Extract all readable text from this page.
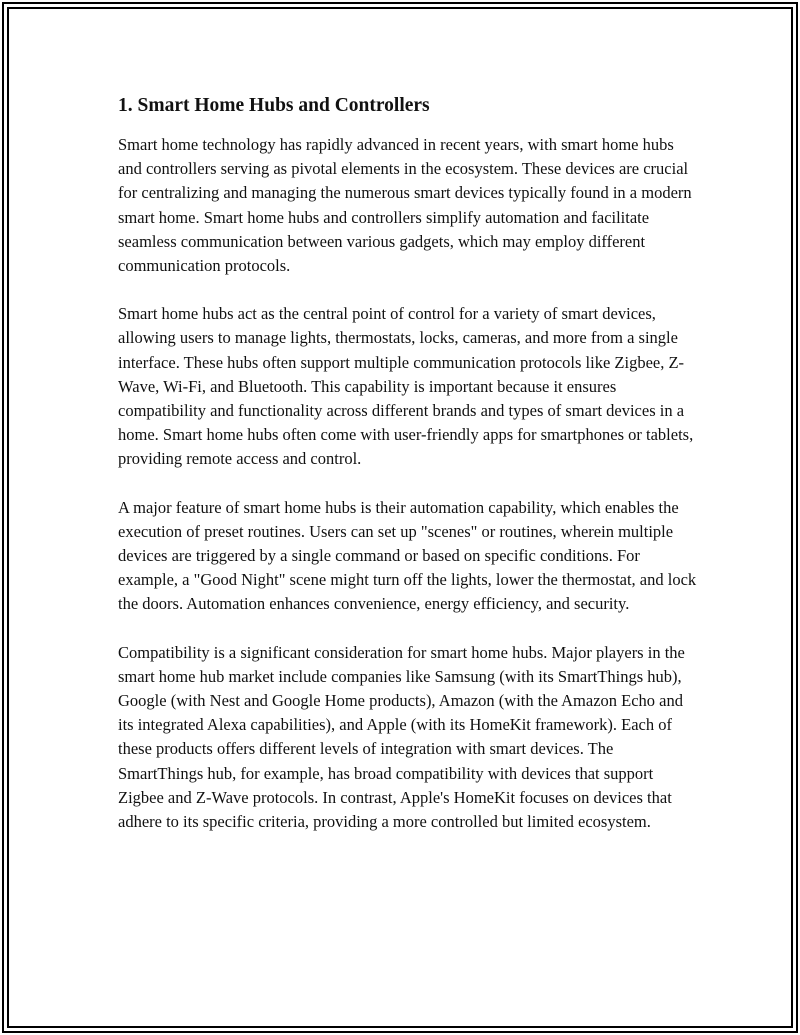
1. Smart Home Hubs and Controllers

Smart home technology has rapidly advanced in recent years, with smart home hubs and controllers serving as pivotal elements in the ecosystem. These devices are crucial for centralizing and managing the numerous smart devices typically found in a modern smart home. Smart home hubs and controllers simplify automation and facilitate seamless communication between various gadgets, which may employ different communication protocols.

Smart home hubs act as the central point of control for a variety of smart devices, allowing users to manage lights, thermostats, locks, cameras, and more from a single interface. These hubs often support multiple communication protocols like Zigbee, Z-Wave, Wi-Fi, and Bluetooth. This capability is important because it ensures compatibility and functionality across different brands and types of smart devices in a home. Smart home hubs often come with user-friendly apps for smartphones or tablets, providing remote access and control.

A major feature of smart home hubs is their automation capability, which enables the execution of preset routines. Users can set up "scenes" or routines, wherein multiple devices are triggered by a single command or based on specific conditions. For example, a "Good Night" scene might turn off the lights, lower the thermostat, and lock the doors. Automation enhances convenience, energy efficiency, and security.

Compatibility is a significant consideration for smart home hubs. Major players in the smart home hub market include companies like Samsung (with its SmartThings hub), Google (with Nest and Google Home products), Amazon (with the Amazon Echo and its integrated Alexa capabilities), and Apple (with its HomeKit framework). Each of these products offers different levels of integration with smart devices. The SmartThings hub, for example, has broad compatibility with devices that support Zigbee and Z-Wave protocols. In contrast, Apple's HomeKit focuses on devices that adhere to its specific criteria, providing a more controlled but limited ecosystem.
